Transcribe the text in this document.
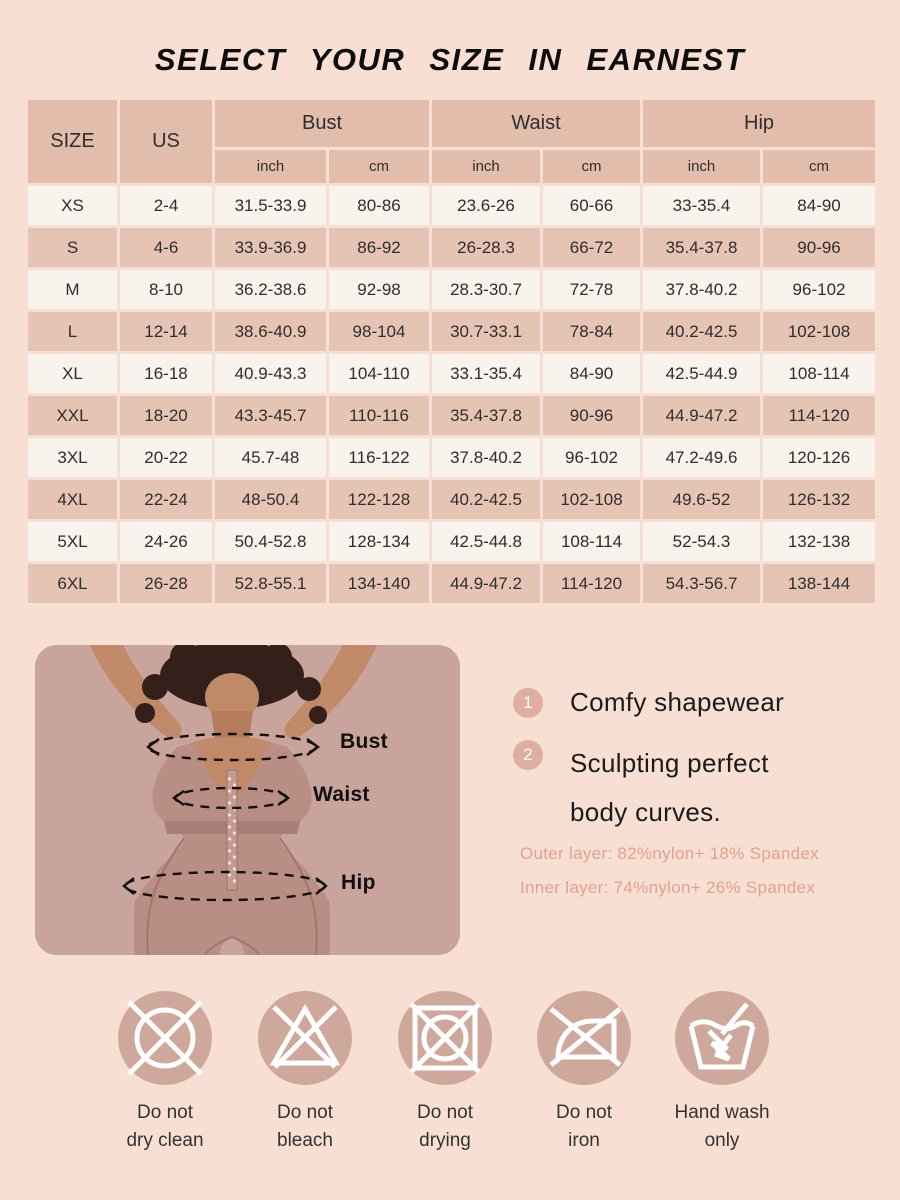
SELECT YOUR SIZE IN EARNEST
SIZE	US	Bust		Waist		Hip	
		inch	cm	inch	cm	inch	cm
XS	2-4	31.5-33.9	80-86	23.6-26	60-66	33-35.4	84-90
S	4-6	33.9-36.9	86-92	26-28.3	66-72	35.4-37.8	90-96
M	8-10	36.2-38.6	92-98	28.3-30.7	72-78	37.8-40.2	96-102
L	12-14	38.6-40.9	98-104	30.7-33.1	78-84	40.2-42.5	102-108
XL	16-18	40.9-43.3	104-110	33.1-35.4	84-90	42.5-44.9	108-114
XXL	18-20	43.3-45.7	110-116	35.4-37.8	90-96	44.9-47.2	114-120
3XL	20-22	45.7-48	116-122	37.8-40.2	96-102	47.2-49.6	120-126
4XL	22-24	48-50.4	122-128	40.2-42.5	102-108	49.6-52	126-132
5XL	24-26	50.4-52.8	128-134	42.5-44.8	108-114	52-54.3	132-138
6XL	26-28	52.8-55.1	134-140	44.9-47.2	114-120	54.3-56.7	138-144
Bust
Waist
Hip
1	Comfy shapewear
2	Sculpting perfect
body curves.
Outer layer: 82%nylon+ 18% Spandex
Inner layer: 74%nylon+ 26% Spandex
Do not
dry clean
Do not
bleach
Do not
drying
Do not
iron
Hand wash
only
